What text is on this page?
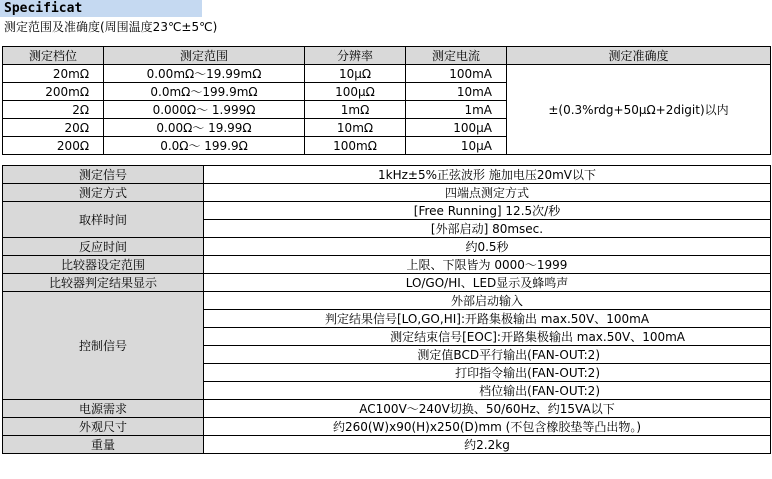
Specificat
测定范围及准确度(周围温度23℃±5℃)
测定档位	测定范围	分辨率	测定电流	测定准确度
20mΩ	0.00mΩ～19.99mΩ	10μΩ	100mA	±(0.3%rdg+50μΩ+2digit)以内
200mΩ	0.0mΩ～199.9mΩ	100μΩ	10mA	
2Ω	0.000Ω～ 1.999Ω	1mΩ	1mA	
20Ω	0.00Ω～ 19.99Ω	10mΩ	100μA	
200Ω	0.0Ω～ 199.9Ω	100mΩ	10μA	
测定信号	1kHz±5%正弦波形 施加电压20mV以下
测定方式	四端点测定方式
取样时间	[Free Running] 12.5次/秒
	[外部启动] 80msec.
反应时间	约0.5秒
比较器设定范围	上限、下限皆为 0000～1999
比较器判定结果显示	LO/GO/HI、LED显示及蜂鸣声
控制信号	外部启动输入
	判定结果信号[LO,GO,HI]:开路集极输出 max.50V、100mA
	测定结束信号[EOC]:开路集极输出 max.50V、100mA
	测定值BCD平行输出(FAN-OUT:2)
	打印指令输出(FAN-OUT:2)
	档位输出(FAN-OUT:2)
电源需求	AC100V～240V切换、50/60Hz、约15VA以下
外观尺寸	约260(W)x90(H)x250(D)mm (不包含橡胶垫等凸出物。)
重量	约2.2kg
